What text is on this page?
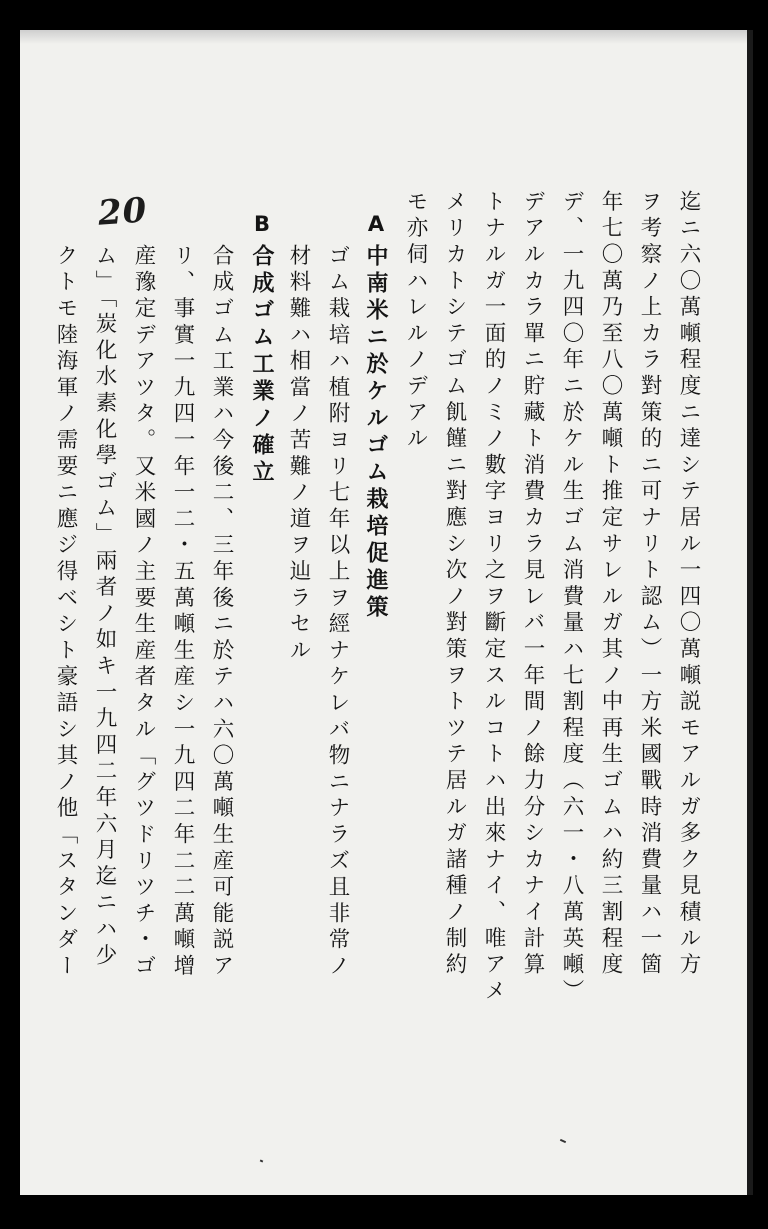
20	迄ニ六〇萬噸程度ニ達シテ居ル一四〇萬噸説モアルガ多ク見積ル方
ヲ考察ノ上カラ對策的ニ可ナリト認ム）一方米國戰時消費量ハ一箇
年七〇萬乃至八〇萬噸ト推定サレルガ其ノ中再生ゴムハ約三割程度
デ、一九四〇年ニ於ケル生ゴム消費量ハ七割程度（六一・八萬英噸）
デアルカラ單ニ貯藏ト消費カラ見レバ一年間ノ餘力分シカナイ計算
トナルガ一面的ノミノ數字ヨリ之ヲ斷定スルコトハ出來ナイ、唯アメ
メリカトシテゴム飢饉ニ對應シ次ノ對策ヲトツテ居ルガ諸種ノ制約
モ亦伺ハレルノデアル
A
中南米ニ於ケルゴム栽培促進策
ゴム栽培ハ植附ヨリ七年以上ヲ經ナケレバ物ニナラズ且非常ノ
材料難ハ相當ノ苦難ノ道ヲ辿ラセル
B
合成ゴム工業ノ確立
合成ゴム工業ハ今後二、三年後ニ於テハ六〇萬噸生産可能説ア
リ、事實一九四一年一二・五萬噸生産シ一九四二年二二萬噸增
産豫定デアツタ。又米國ノ主要生産者タル「グツドリツチ・ゴ
ム」「炭化水素化學ゴム」兩者ノ如キ一九四二年六月迄ニハ少
クトモ陸海軍ノ需要ニ應ジ得ベシト豪語シ其ノ他「スタンダー
